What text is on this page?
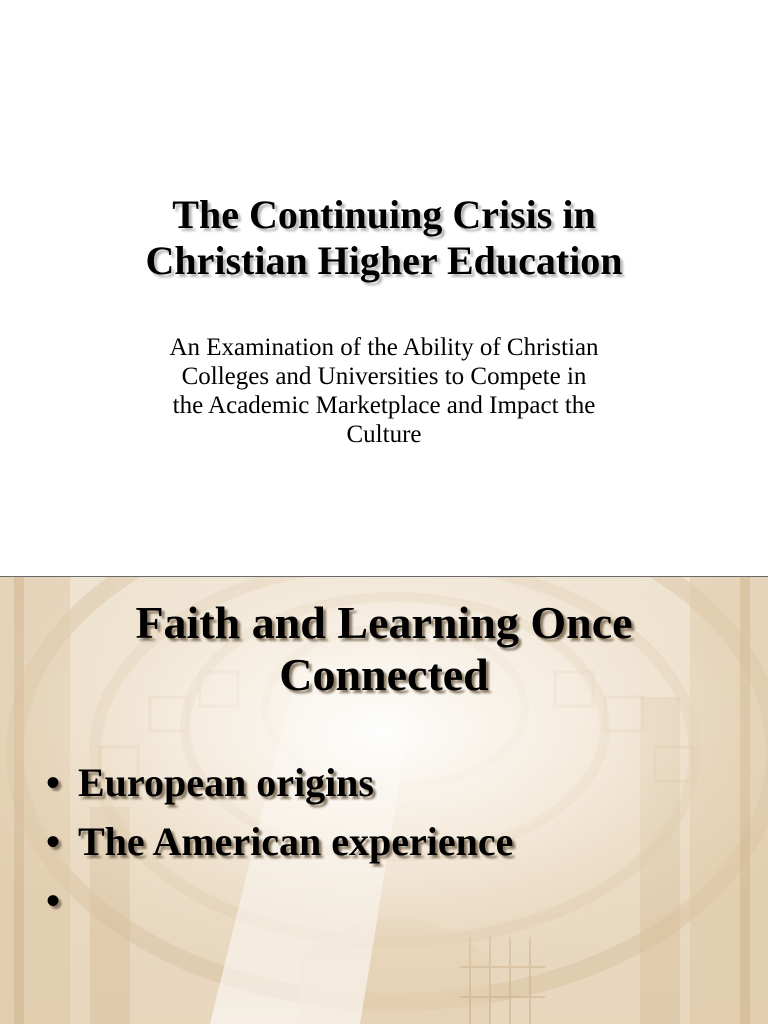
The Continuing Crisis in
Christian Higher Education
An Examination of the Ability of Christian
Colleges and Universities to Compete in
the Academic Marketplace and Impact the
Culture
Faith and Learning Once
Connected
• European origins
• The American experience
•
